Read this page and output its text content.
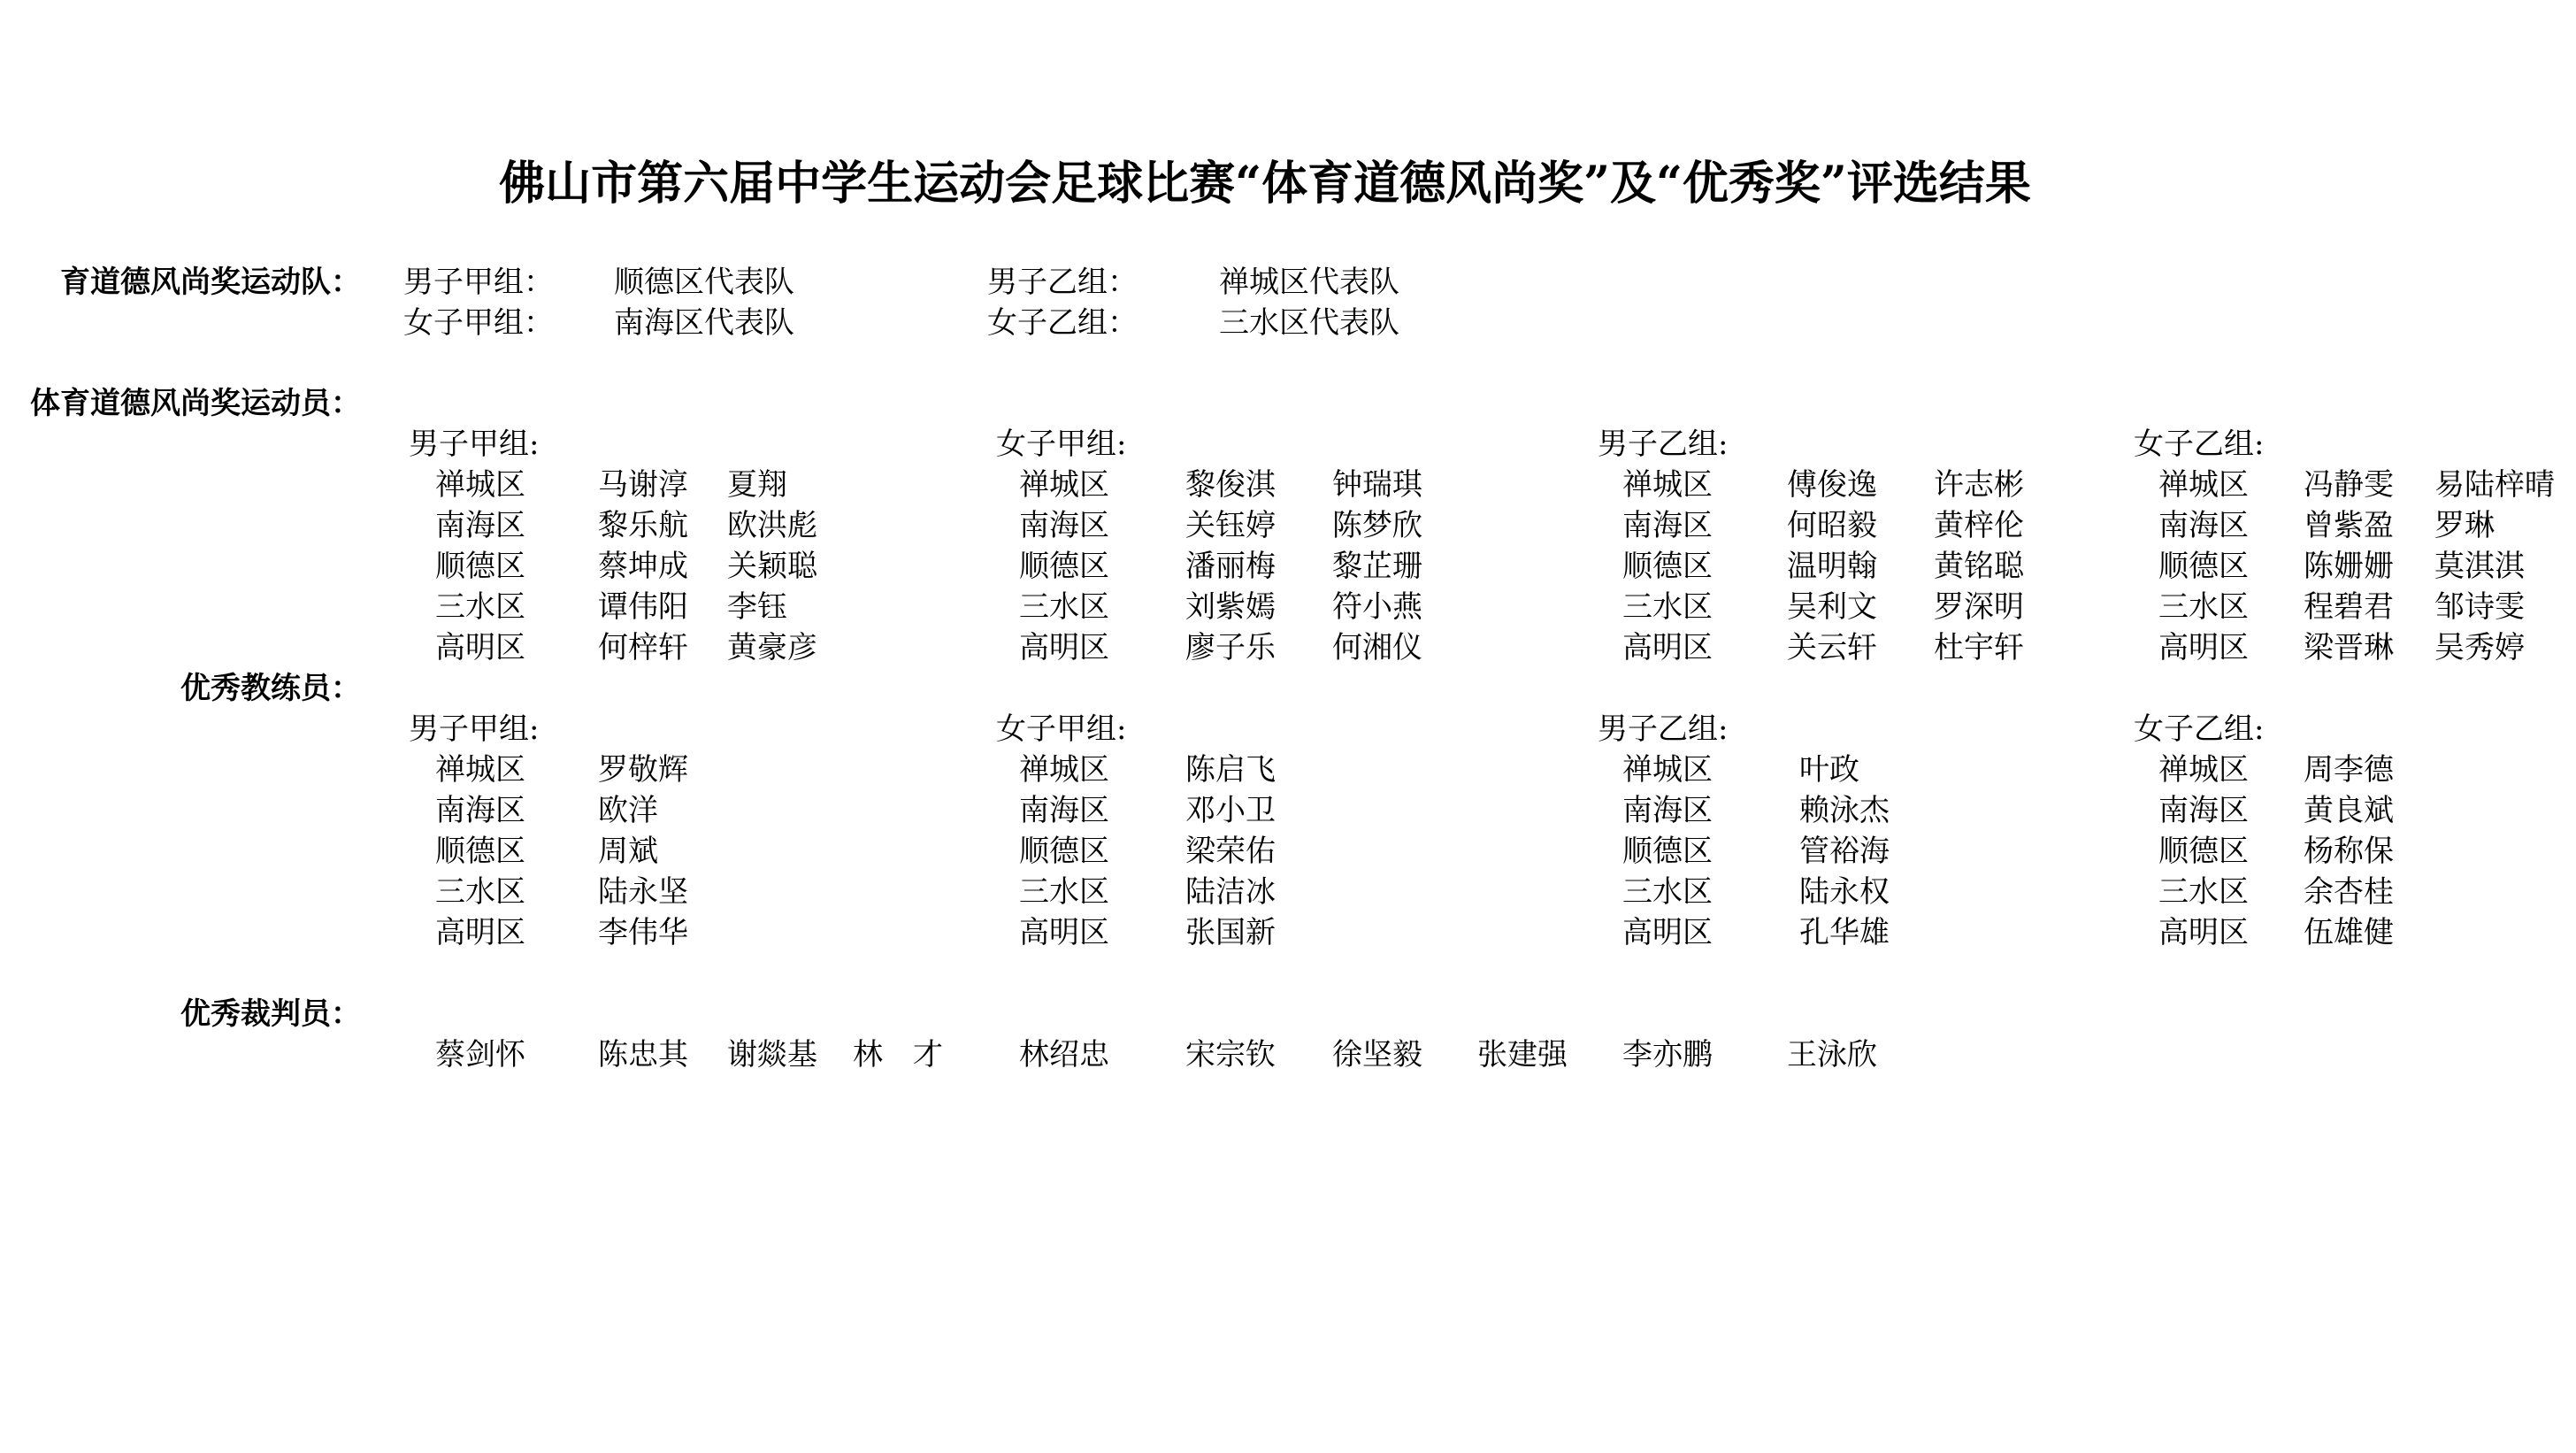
佛山市第六届中学生运动会足球比赛“体育道德风尚奖”及“优秀奖”评选结果
育道德风尚奖运动队： 男子甲组： 顺德区代表队	男子乙组：	禅城区代表队
女子甲组： 南海区代表队	女子乙组：	三水区代表队
体育道德风尚奖运动员：
男子甲组:
禅城区 马谢淳 夏翔
南海区 黎乐航 欧洪彪
顺德区 蔡坤成 关颖聪
三水区 谭伟阳 李钰
高明区 何梓轩 黄豪彦
女子甲组:
禅城区	黎俊淇 钟瑞琪
南海区	关钰婷 陈梦欣
顺德区	潘丽梅 黎芷珊
三水区	刘紫嫣 符小燕
高明区	廖子乐 何湘仪
男子乙组:
禅城区 傅俊逸 许志彬
南海区 何昭毅 黄梓伦
顺德区 温明翰 黄铭聪
三水区 吴利文 罗深明
高明区 关云轩 杜宇轩
女子乙组:
禅城区 冯静雯 易陆梓晴
南海区 曾紫盈 罗琳
顺德区 陈姗姗 莫淇淇
三水区 程碧君 邹诗雯
高明区 梁晋琳 吴秀婷
优秀教练员：
男子甲组:
禅城区 罗敬辉
南海区 欧洋
顺德区 周斌
三水区 陆永坚
高明区 李伟华
女子甲组:
禅城区	陈启飞
南海区	邓小卫
顺德区	梁荣佑
三水区	陆洁冰
高明区	张国新
男子乙组:
禅城区	叶政
南海区	赖泳杰
顺德区	管裕海
三水区	陆永权
高明区	孔华雄
女子乙组:
禅城区 周李德
南海区 黄良斌
顺德区 杨称保
三水区 余杏桂
高明区 伍雄健
优秀裁判员：
蔡剑怀 陈忠其 谢燚基 林　才	林绍忠	宋宗钦 徐坚毅 张建强 李亦鹏 王泳欣
